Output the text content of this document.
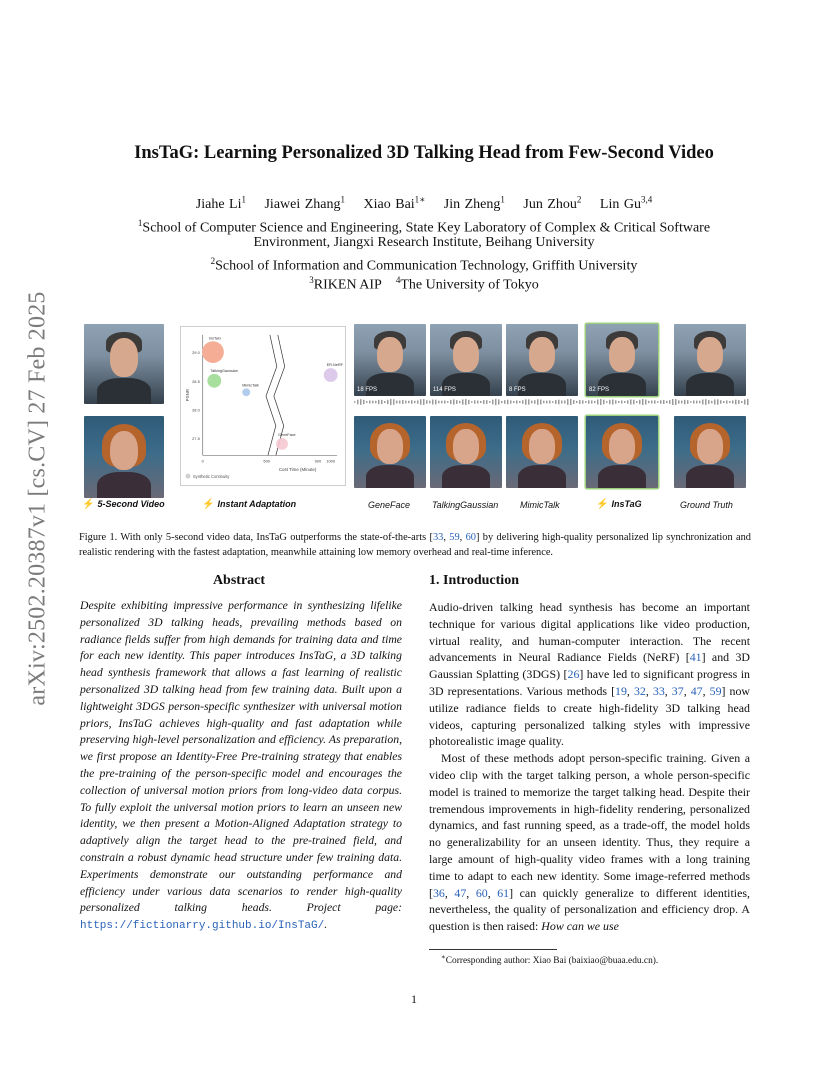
arXiv:2502.20387v1 [cs.CV] 27 Feb 2025
InsTaG: Learning Personalized 3D Talking Head from Few-Second Video
Jiahe Li$^1$ Jiawei Zhang$^1$ Xiao Bai$^{1∗}$ Jin Zheng$^1$ Jun Zhou$^2$ Lin Gu$^{3,4}$
$^1$School of Computer Science and Engineering, State Key Laboratory of Complex & Critical Software
Environment, Jiangxi Research Institute, Beihang University
$^2$School of Information and Communication Technology, Griffith University
$^3$RIKEN AIP $^4$The University of Tokyo
29.0
28.5
28.0
27.5
0	500	900 1000
PSNR
Cost Time (Minute)
InsTaG
TalkingGaussian
MimicTalk
ER-NeRF
GeneFace
Synthetic Continuity
18 FPS	114 FPS	8 FPS	82 FPS
⚡ 5-Second Video	⚡ Instant Adaptation	GeneFace TalkingGaussian MimicTalk	⚡ InsTaG	Ground Truth
Figure 1. With only 5-second video data, InsTaG outperforms the state-of-the-arts [33, 59, 60] by delivering high-quality personalized lip synchronization and realistic rendering with the fastest adaptation, meanwhile attaining low memory overhead and real-time inference.
Abstract
Despite exhibiting impressive performance in synthesizing lifelike personalized 3D talking heads, prevailing methods based on radiance fields suffer from high demands for training data and time for each new identity. This paper introduces InsTaG, a 3D talking head synthesis framework that allows a fast learning of realistic personalized 3D talking head from few training data. Built upon a lightweight 3DGS person-specific synthesizer with universal motion priors, InsTaG achieves high-quality and fast adaptation while preserving high-level personalization and efficiency. As preparation, we first propose an Identity-Free Pre-training strategy that enables the pre-training of the person-specific model and encourages the collection of universal motion priors from long-video data corpus. To fully exploit the universal motion priors to learn an unseen new identity, we then present a Motion-Aligned Adaptation strategy to adaptively align the target head to the pre-trained field, and constrain a robust dynamic head structure under few training data. Experiments demonstrate our outstanding performance and efficiency under various data scenarios to render high-quality personalized talking heads. Project page: https://fictionarry.github.io/InsTaG/.
1. Introduction

Audio-driven talking head synthesis has become an important technique for various digital applications like video production, virtual reality, and human-computer interaction. The recent advancements in Neural Radiance Fields (NeRF) [41] and 3D Gaussian Splatting (3DGS) [26] have led to significant progress in 3D representations. Various methods [19, 32, 33, 37, 47, 59] now utilize radiance fields to create high-fidelity 3D talking head videos, capturing personalized talking styles with impressive photorealistic image quality.

Most of these methods adopt person-specific training. Given a video clip with the target talking person, a whole person-specific model is trained to memorize the target talking head. Despite their tremendous improvements in high-fidelity rendering, personalized dynamics, and fast running speed, as a trade-off, the model holds no generalizability for an unseen identity. Thus, they require a large amount of high-quality video frames with a long training time to adapt to each new identity. Some image-referred methods [36, 47, 60, 61] can quickly generalize to different identities, nevertheless, the quality of personalization and efficiency drop. A question is then raised: How can we use

∗Corresponding author: Xiao Bai (baixiao@buaa.edu.cn).
1
